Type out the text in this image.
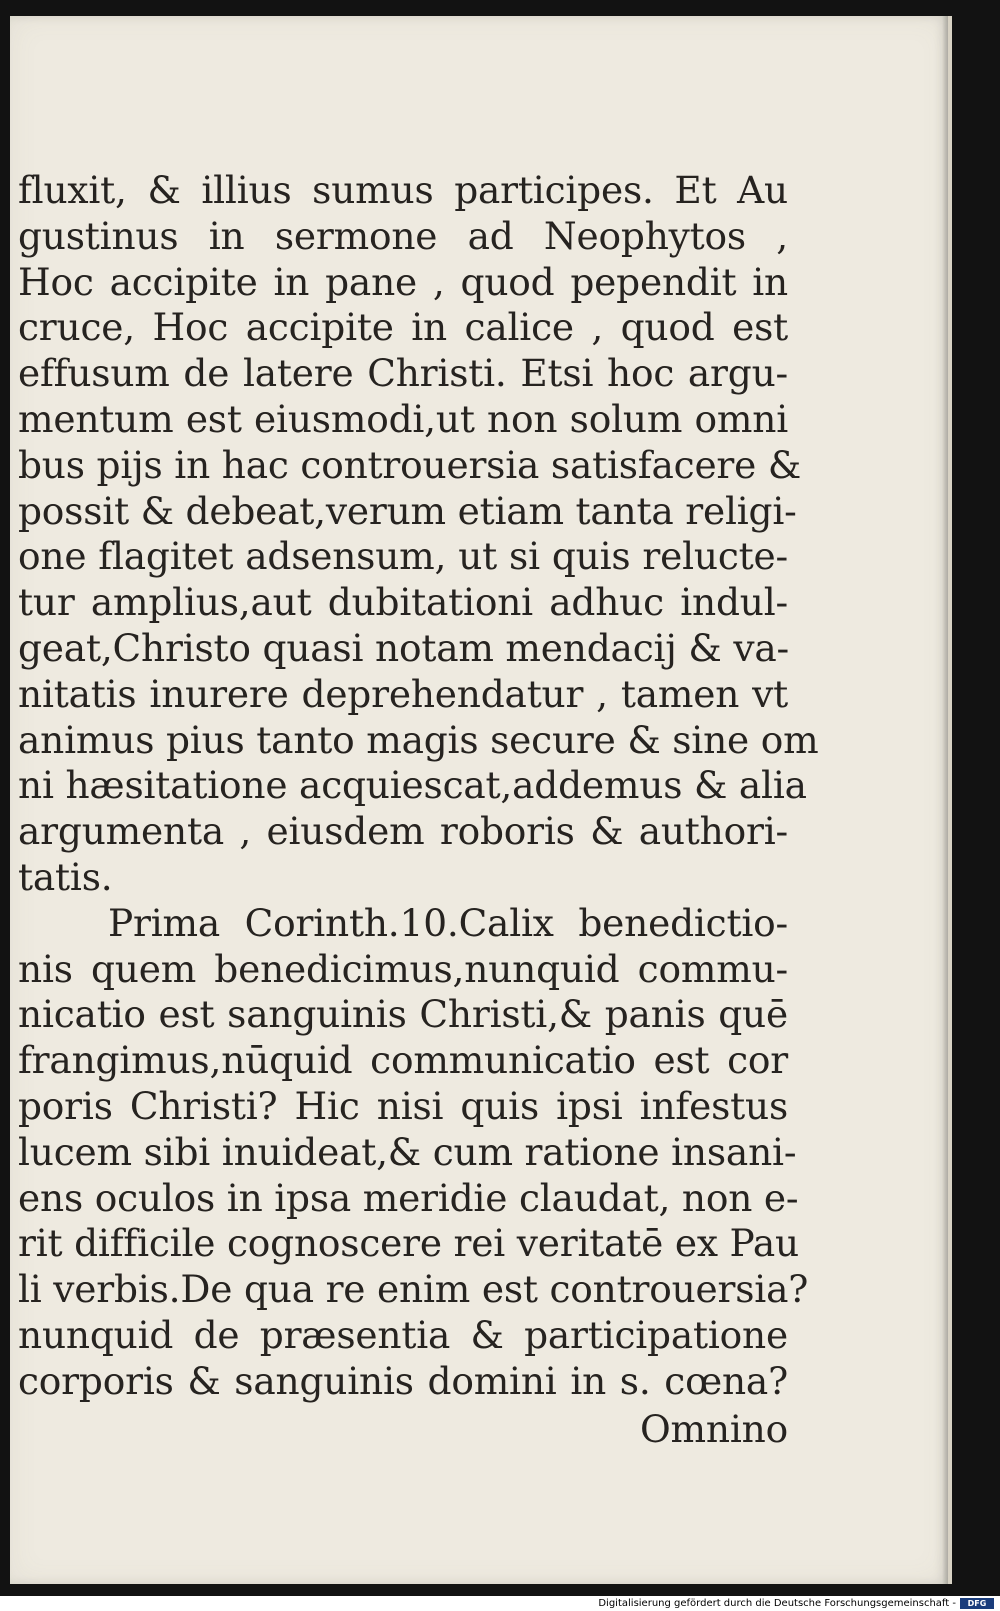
fluxit, & illius sumus participes. Et Au
gustinus in sermone ad Neophytos ,
Hoc accipite in pane , quod pependit in
cruce, Hoc accipite in calice , quod est
effusum de latere Christi. Etsi hoc argu-
mentum est eiusmodi,ut non solum omni
bus pijs in hac controuersia satisfacere &
possit & debeat,verum etiam tanta religi-
one flagitet adsensum, ut si quis relucte-
tur amplius,aut dubitationi adhuc indul-
geat,Christo quasi notam mendacij & va-
nitatis inurere deprehendatur , tamen vt
animus pius tanto magis secure & sine om
ni hæsitatione acquiescat,addemus & alia
argumenta , eiusdem roboris & authori-
tatis.
Prima Corinth.10.Calix benedictio-
nis quem benedicimus,nunquid commu-
nicatio est sanguinis Christi,& panis quē
frangimus,nūquid communicatio est cor
poris Christi? Hic nisi quis ipsi infestus
lucem sibi inuideat,& cum ratione insani-
ens oculos in ipsa meridie claudat, non e-
rit difficile cognoscere rei veritatē ex Pau
li verbis.De qua re enim est controuersia?
nunquid de præsentia & participatione
corporis & sanguinis domini in s. cœna?
Omnino
Digitalisierung gefördert durch die Deutsche Forschungsgemeinschaft -	DFG
